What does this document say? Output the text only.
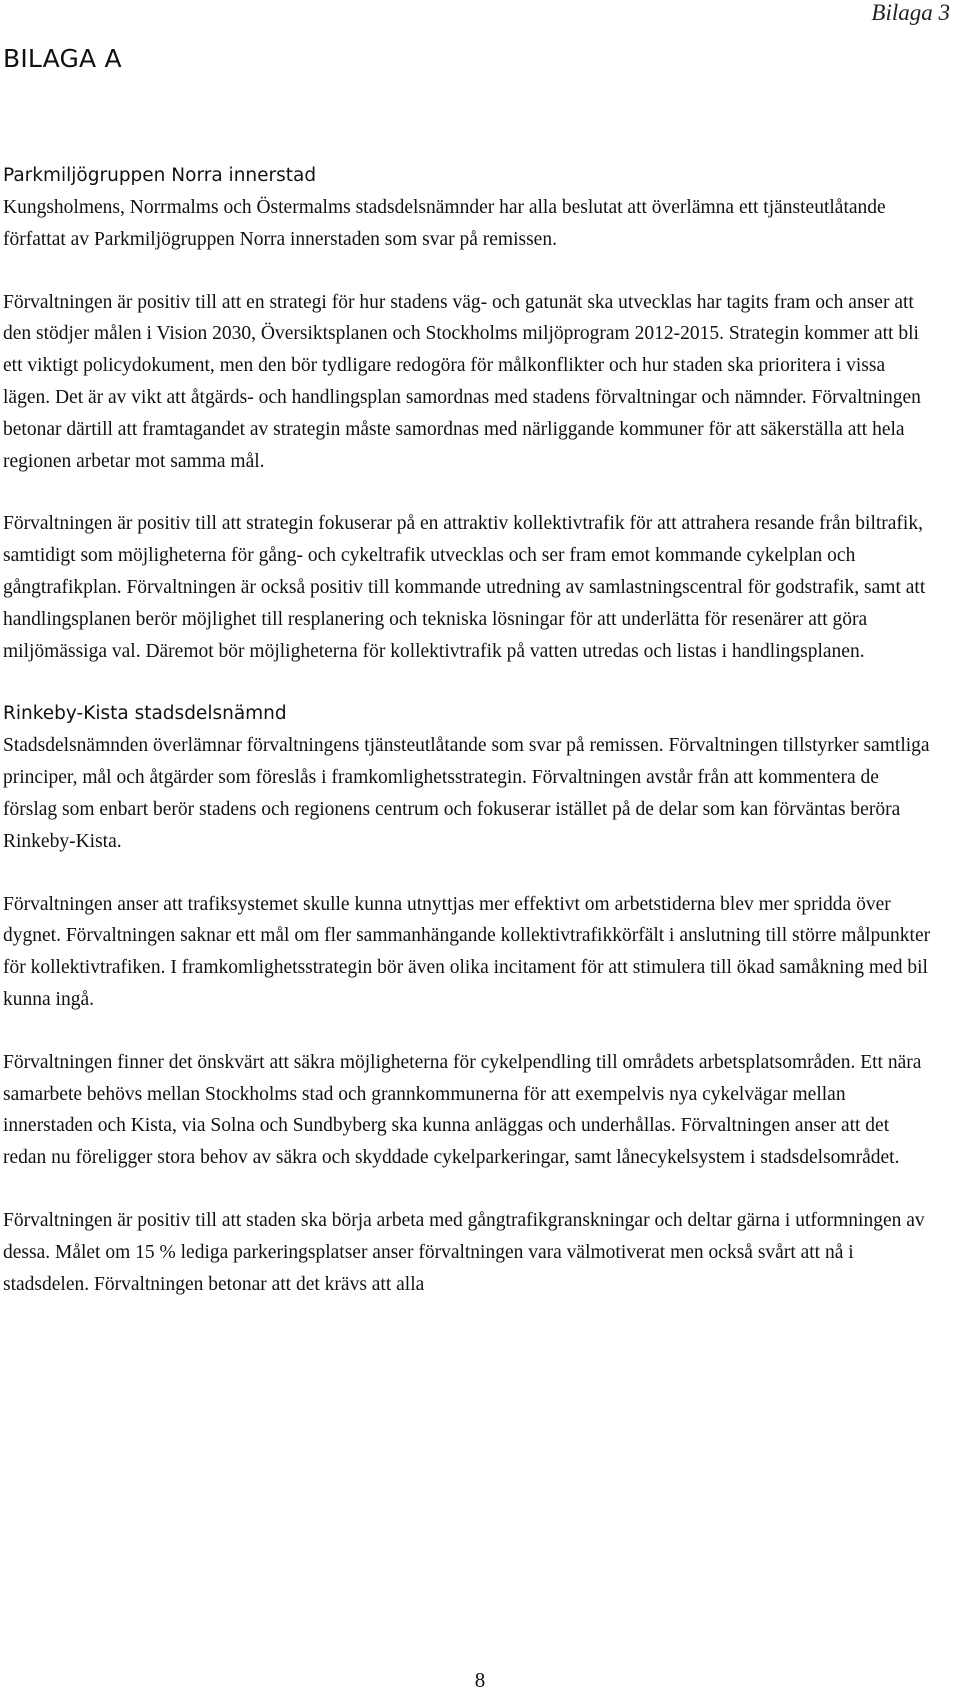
Bilaga 3
BILAGA A
Parkmiljögruppen Norra innerstad

Kungsholmens, Norrmalms och Östermalms stadsdelsnämnder har alla beslutat att överlämna ett tjänsteutlåtande författat av Parkmiljögruppen Norra innerstaden som svar på remissen.

Förvaltningen är positiv till att en strategi för hur stadens väg- och gatunät ska utvecklas har tagits fram och anser att den stödjer målen i Vision 2030, Översiktsplanen och Stockholms miljöprogram 2012-2015. Strategin kommer att bli ett viktigt policydokument, men den bör tydligare redogöra för målkonflikter och hur staden ska prioritera i vissa lägen. Det är av vikt att åtgärds- och handlingsplan samordnas med stadens förvaltningar och nämnder. Förvaltningen betonar därtill att framtagandet av strategin måste samordnas med närliggande kommuner för att säkerställa att hela regionen arbetar mot samma mål.

Förvaltningen är positiv till att strategin fokuserar på en attraktiv kollektivtrafik för att attrahera resande från biltrafik, samtidigt som möjligheterna för gång- och cykeltrafik utvecklas och ser fram emot kommande cykelplan och gångtrafikplan. Förvaltningen är också positiv till kommande utredning av samlastningscentral för godstrafik, samt att handlingsplanen berör möjlighet till resplanering och tekniska lösningar för att underlätta för resenärer att göra miljömässiga val. Däremot bör möjligheterna för kollektivtrafik på vatten utredas och listas i handlingsplanen.

Rinkeby-Kista stadsdelsnämnd

Stadsdelsnämnden överlämnar förvaltningens tjänsteutlåtande som svar på remissen. Förvaltningen tillstyrker samtliga principer, mål och åtgärder som föreslås i framkomlighetsstrategin. Förvaltningen avstår från att kommentera de förslag som enbart berör stadens och regionens centrum och fokuserar istället på de delar som kan förväntas beröra Rinkeby-Kista.

Förvaltningen anser att trafiksystemet skulle kunna utnyttjas mer effektivt om arbetstiderna blev mer spridda över dygnet. Förvaltningen saknar ett mål om fler sammanhängande kollektivtrafikkörfält i anslutning till större målpunkter för kollektivtrafiken. I framkomlighetsstrategin bör även olika incitament för att stimulera till ökad samåkning med bil kunna ingå.

Förvaltningen finner det önskvärt att säkra möjligheterna för cykelpendling till områdets arbetsplatsområden. Ett nära samarbete behövs mellan Stockholms stad och grannkommunerna för att exempelvis nya cykelvägar mellan innerstaden och Kista, via Solna och Sundbyberg ska kunna anläggas och underhållas. Förvaltningen anser att det redan nu föreligger stora behov av säkra och skyddade cykelparkeringar, samt lånecykelsystem i stadsdelsområdet.

Förvaltningen är positiv till att staden ska börja arbeta med gångtrafikgranskningar och deltar gärna i utformningen av dessa. Målet om 15 % lediga parkeringsplatser anser förvaltningen vara välmotiverat men också svårt att nå i stadsdelen. Förvaltningen betonar att det krävs att alla

8
